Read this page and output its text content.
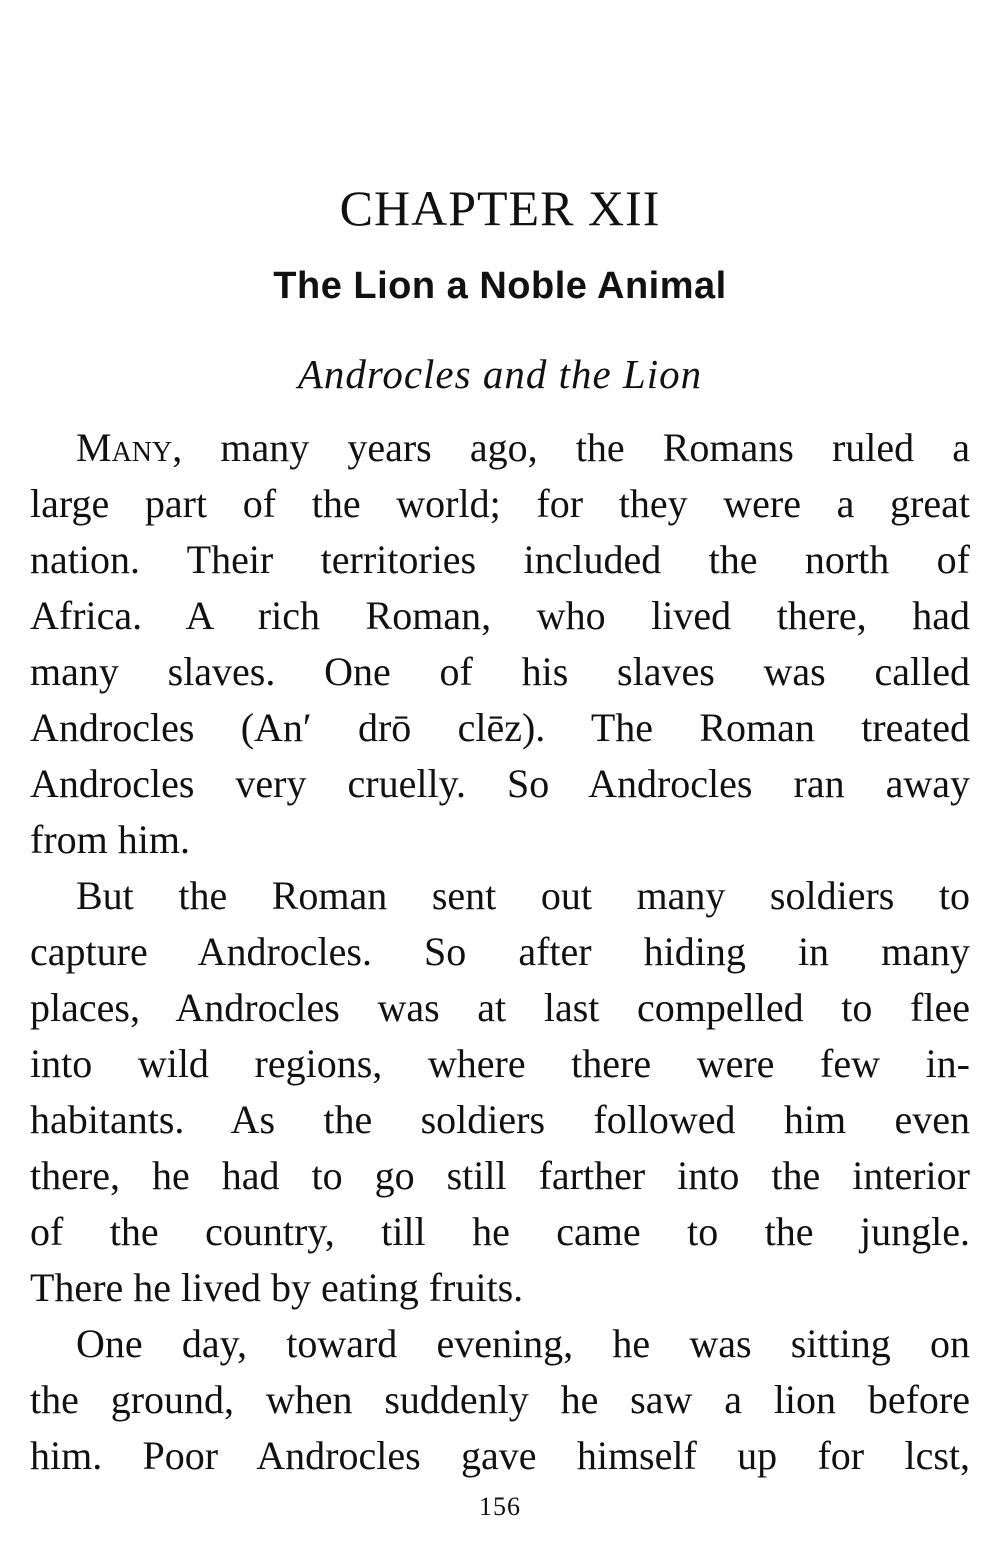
CHAPTER XII
The Lion a Noble Animal
Androcles and the Lion
Many, many years ago, the Romans ruled a
large part of the world; for they were a great
nation. Their territories included the north of
Africa. A rich Roman, who lived there, had
many slaves. One of his slaves was called
Androcles (An′ drō clēz). The Roman treated
Androcles very cruelly. So Androcles ran away
from him.
But the Roman sent out many soldiers to
capture Androcles. So after hiding in many
places, Androcles was at last compelled to flee
into wild regions, where there were few in-
habitants. As the soldiers followed him even
there, he had to go still farther into the interior
of the country, till he came to the jungle.
There he lived by eating fruits.
One day, toward evening, he was sitting on
the ground, when suddenly he saw a lion before
him. Poor Androcles gave himself up for lcst,
156
